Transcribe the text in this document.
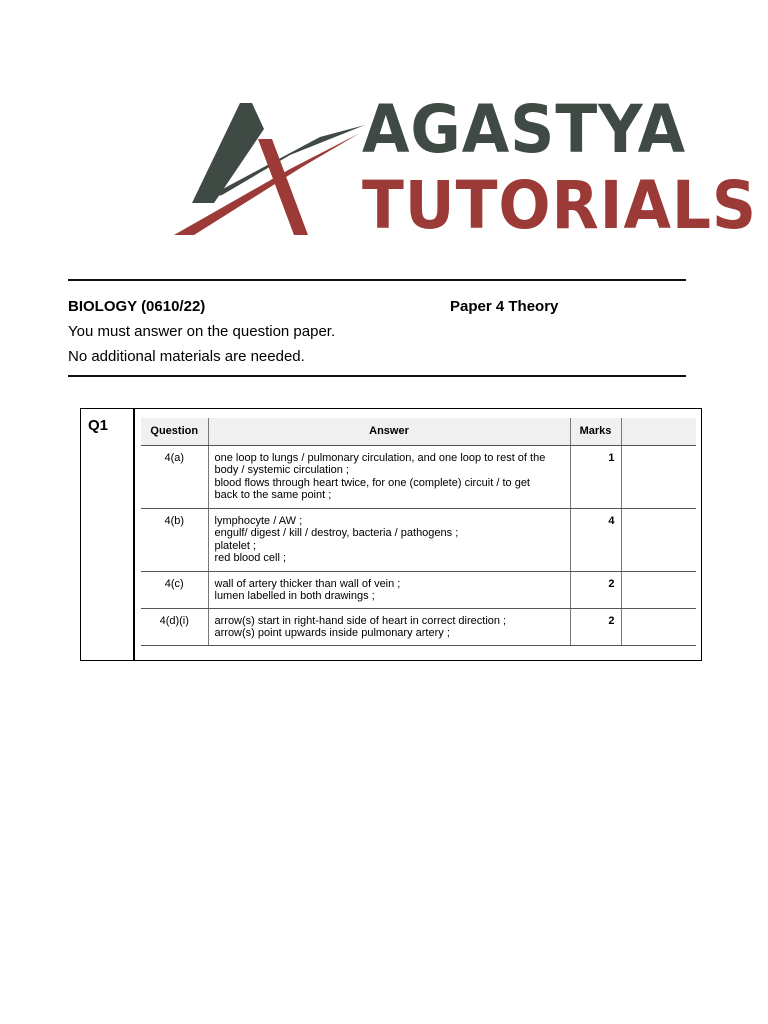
AGASTYA
TUTORIALS
BIOLOGY (0610/22)	Paper 4 Theory
You must answer on the question paper.
No additional materials are needed.
Q1	Question	Answer	Marks	
4(a)	one loop to lungs / pulmonary circulation, and one loop to rest of the
body / systemic circulation ;
blood flows through heart twice, for one (complete) circuit / to get
back to the same point ;	1	
4(b)	lymphocyte / AW ;
engulf/ digest / kill / destroy, bacteria / pathogens ;
platelet ;
red blood cell ;	4	
4(c)	wall of artery thicker than wall of vein ;
lumen labelled in both drawings ;	2	
4(d)(i)	arrow(s) start in right-hand side of heart in correct direction ;
arrow(s) point upwards inside pulmonary artery ;	2	
